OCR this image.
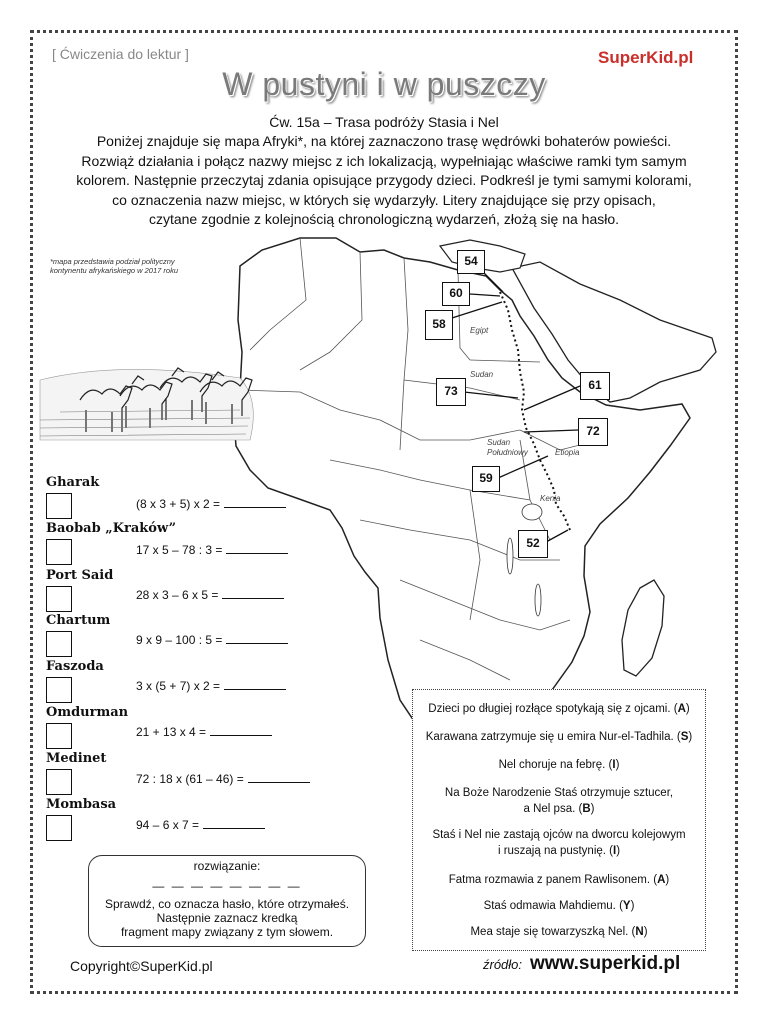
[ Ćwiczenia do lektur ]	SuperKid.pl
W pustyni i w puszczy
Ćw. 15a – Trasa podróży Stasia i Nel
Poniżej znajduje się mapa Afryki*, na której zaznaczono trasę wędrówki bohaterów powieści.
Rozwiąż działania i połącz nazwy miejsc z ich lokalizacją, wypełniając właściwe ramki tym samym
kolorem. Następnie przeczytaj zdania opisujące przygody dzieci. Podkreśl je tymi samymi kolorami,
co oznaczenia nazw miejsc, w których się wydarzyły. Litery znajdujące się przy opisach,
czytane zgodnie z kolejnością chronologiczną wydarzeń, złożą się na hasło.
*mapa przedstawia podział polityczny
kontynentu afrykańskiego w 2017 roku
Egipt
Sudan
Sudan
Południowy	Etiopia
Kenia
54
60
58
73	61
72
59
52
Gharak
(8 x 3 + 5) x 2 =
Baobab „Kraków”
17 x 5 – 78 : 3 =
Port Said
28 x 3 – 6 x 5 =
Chartum
9 x 9 – 100 : 5 =
Faszoda
3 x (5 + 7) x 2 =
Omdurman
21 + 13 x 4 =
Medinet
72 : 18 x (61 – 46) =
Mombasa
94 – 6 x 7 =
rozwiązanie:
— — — — — — — —
Sprawdź, co oznacza hasło, które otrzymałeś.
Następnie zaznacz kredką
fragment mapy związany z tym słowem.
Dzieci po długiej rozłące spotykają się z ojcami. (A)
Karawana zatrzymuje się u emira Nur-el-Tadhila. (S)
Nel choruje na febrę. (I)
Na Boże Narodzenie Staś otrzymuje sztucer,
a Nel psa. (B)
Staś i Nel nie zastają ojców na dworcu kolejowym
i ruszają na pustynię. (I)
Fatma rozmawia z panem Rawlisonem. (A)
Staś odmawia Mahdiemu. (Y)
Mea staje się towarzyszką Nel. (N)
Copyright©SuperKid.pl	źródło: www.superkid.pl
